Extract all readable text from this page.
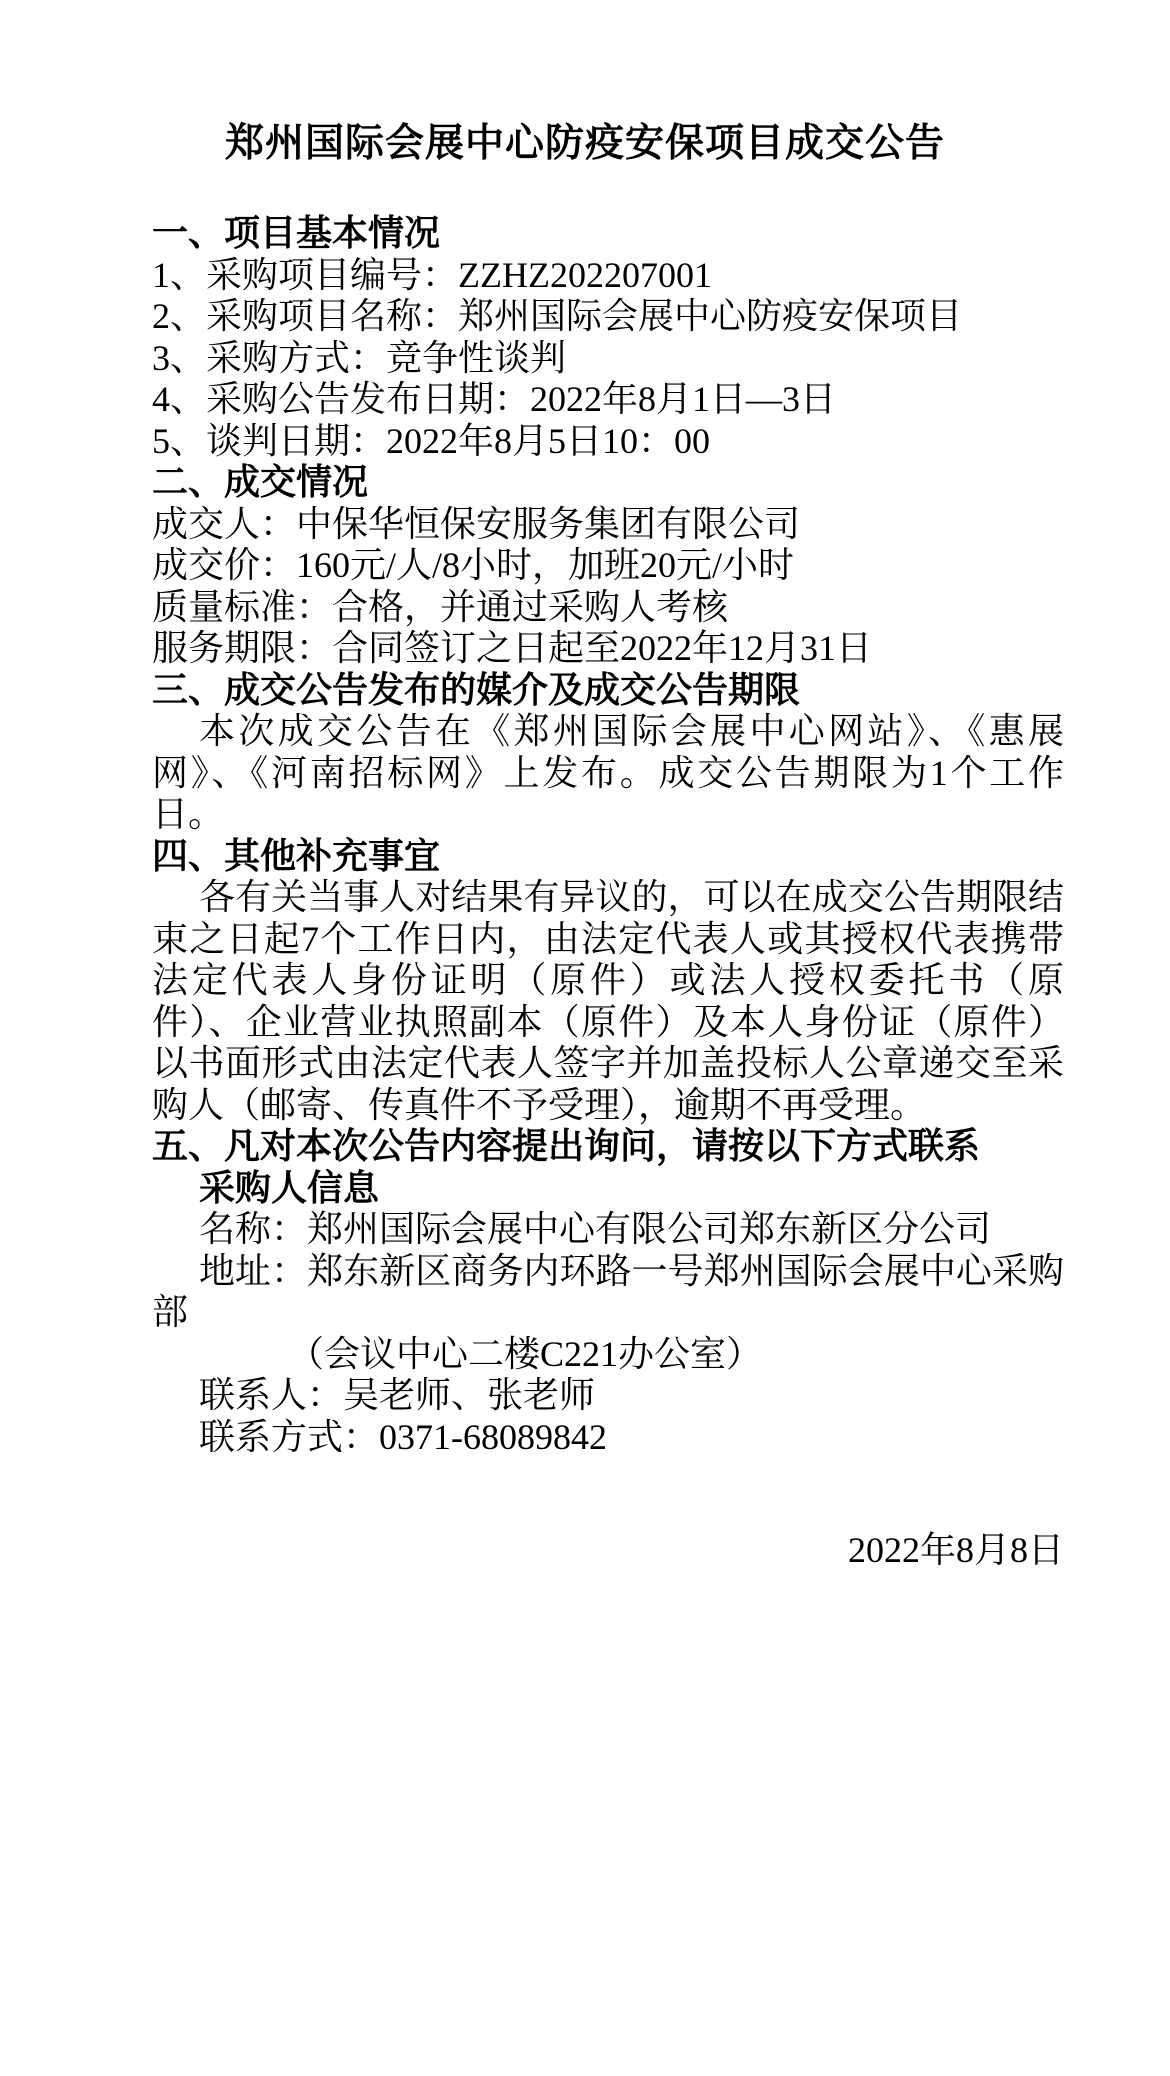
郑州国际会展中心防疫安保项目成交公告

一、项目基本情况

1、采购项目编号：ZZHZ202207001

2、采购项目名称：郑州国际会展中心防疫安保项目

3、采购方式：竞争性谈判

4、采购公告发布日期：2022年8月1日—3日

5、谈判日期：2022年8月5日10：00

二、成交情况

成交人：中保华恒保安服务集团有限公司

成交价：160元/人/8小时，加班20元/小时

质量标准：合格，并通过采购人考核

服务期限：合同签订之日起至2022年12月31日

三、成交公告发布的媒介及成交公告期限

本次成交公告在《郑州国际会展中心网站》、《惠展网》、《河南招标网》上发布。成交公告期限为1个工作日。

四、其他补充事宜

各有关当事人对结果有异议的，可以在成交公告期限结束之日起7个工作日内，由法定代表人或其授权代表携带法定代表人身份证明（原件）或法人授权委托书（原件）、企业营业执照副本（原件）及本人身份证（原件）以书面形式由法定代表人签字并加盖投标人公章递交至采购人（邮寄、传真件不予受理），逾期不再受理。

五、凡对本次公告内容提出询问，请按以下方式联系

采购人信息

名称：郑州国际会展中心有限公司郑东新区分公司

地址：郑东新区商务内环路一号郑州国际会展中心采购部

（会议中心二楼C221办公室）

联系人：吴老师、张老师

联系方式：0371-68089842

2022年8月8日
